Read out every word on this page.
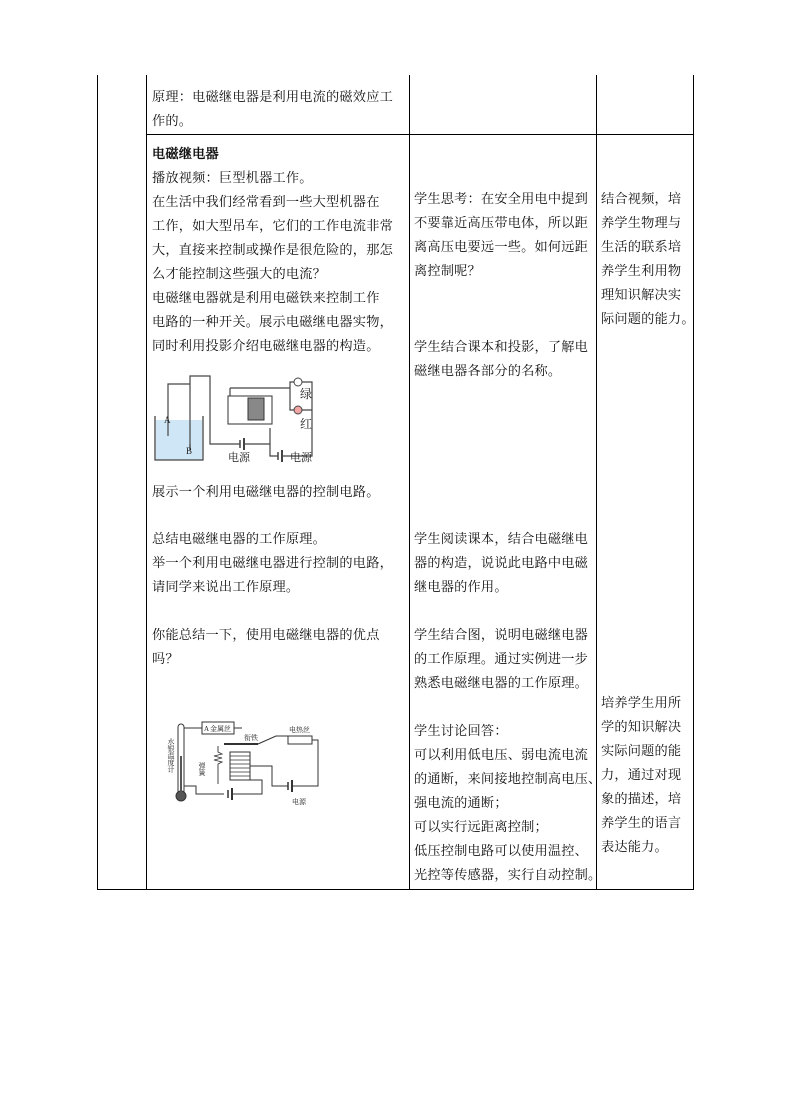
原理：电磁继电器是利用电流的磁效应工

作的。

电磁继电器

播放视频：巨型机器工作。

在生活中我们经常看到一些大型机器在

工作，如大型吊车，它们的工作电流非常

大，直接来控制或操作是很危险的，那怎

么才能控制这些强大的电流？

电磁继电器就是利用电磁铁来控制工作

电路的一种开关。展示电磁继电器实物，

同时利用投影介绍电磁继电器的构造。

A
B
绿
红
电源	电源

展示一个利用电磁继电器的控制电路。

总结电磁继电器的工作原理。

举一个利用电磁继电器进行控制的电路，

请同学来说出工作原理。

你能总结一下，使用电磁继电器的优点

吗？

A 金属丝
衔铁
电热丝
弹簧
水银温度计
电源

学生思考：在安全用电中提到

不要靠近高压带电体，所以距

离高压电要远一些。如何远距

离控制呢？

学生结合课本和投影，了解电

磁继电器各部分的名称。

学生阅读课本，结合电磁继电

器的构造，说说此电路中电磁

继电器的作用。

学生结合图，说明电磁继电器

的工作原理。通过实例进一步

熟悉电磁继电器的工作原理。

学生讨论回答：

可以利用低电压、弱电流电流

的通断，来间接地控制高电压、

强电流的通断；

可以实行远距离控制；

低压控制电路可以使用温控、

光控等传感器，实行自动控制。

结合视频，培

养学生物理与

生活的联系培

养学生利用物

理知识解决实

际问题的能力。

培养学生用所

学的知识解决

实际问题的能

力，通过对现

象的描述，培

养学生的语言

表达能力。
